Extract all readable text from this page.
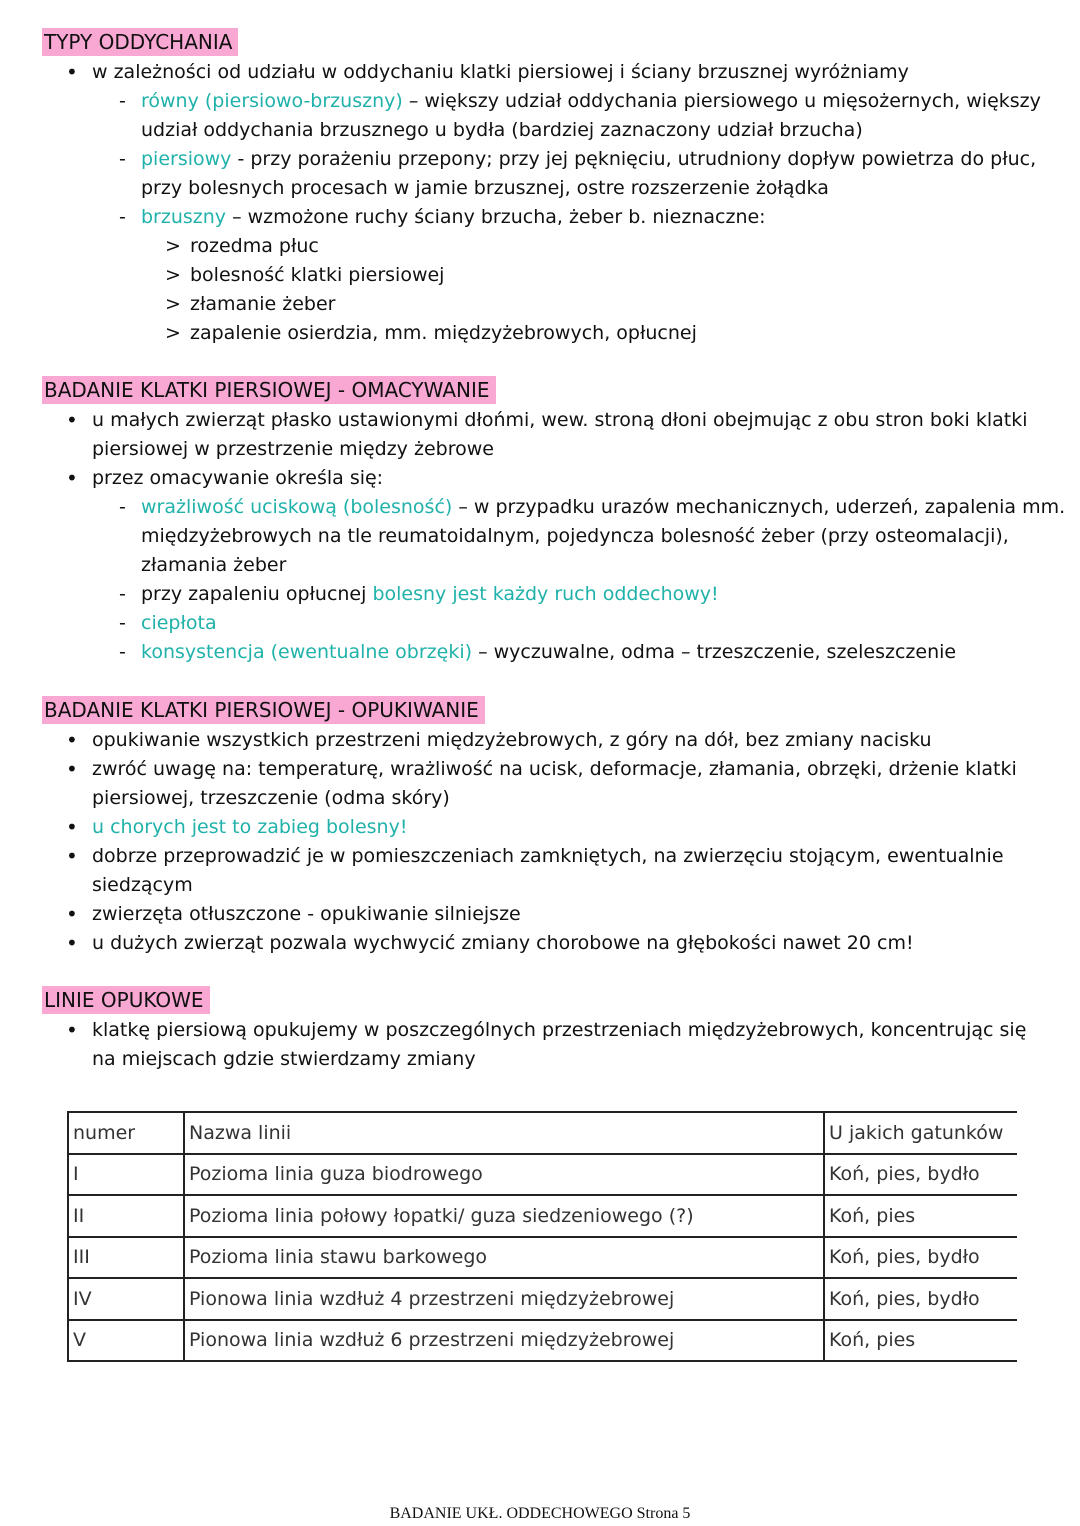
TYPY ODDYCHANIA
• w zależności od udziału w oddychaniu klatki piersiowej i ściany brzusznej wyróżniamy
- równy (piersiowo-brzuszny) – większy udział oddychania piersiowego u mięsożernych, większy
udział oddychania brzusznego u bydła (bardziej zaznaczony udział brzucha)
- piersiowy - przy porażeniu przepony; przy jej pęknięciu, utrudniony dopływ powietrza do płuc,
przy bolesnych procesach w jamie brzusznej, ostre rozszerzenie żołądka
- brzuszny – wzmożone ruchy ściany brzucha, żeber b. nieznaczne:
> rozedma płuc
> bolesność klatki piersiowej
> złamanie żeber
> zapalenie osierdzia, mm. międzyżebrowych, opłucnej
BADANIE KLATKI PIERSIOWEJ - OMACYWANIE
• u małych zwierząt płasko ustawionymi dłońmi, wew. stroną dłoni obejmując z obu stron boki klatki
piersiowej w przestrzenie między żebrowe
• przez omacywanie określa się:
- wrażliwość uciskową (bolesność) – w przypadku urazów mechanicznych, uderzeń, zapalenia mm.
międzyżebrowych na tle reumatoidalnym, pojedyncza bolesność żeber (przy osteomalacji),
złamania żeber
- przy zapaleniu opłucnej bolesny jest każdy ruch oddechowy!
- ciepłota
- konsystencja (ewentualne obrzęki) – wyczuwalne, odma – trzeszczenie, szeleszczenie
BADANIE KLATKI PIERSIOWEJ - OPUKIWANIE
• opukiwanie wszystkich przestrzeni międzyżebrowych, z góry na dół, bez zmiany nacisku
• zwróć uwagę na: temperaturę, wrażliwość na ucisk, deformacje, złamania, obrzęki, drżenie klatki
piersiowej, trzeszczenie (odma skóry)
• u chorych jest to zabieg bolesny!
• dobrze przeprowadzić je w pomieszczeniach zamkniętych, na zwierzęciu stojącym, ewentualnie
siedzącym
• zwierzęta otłuszczone - opukiwanie silniejsze
• u dużych zwierząt pozwala wychwycić zmiany chorobowe na głębokości nawet 20 cm!
LINIE OPUKOWE
• klatkę piersiową opukujemy w poszczególnych przestrzeniach międzyżebrowych, koncentrując się
na miejscach gdzie stwierdzamy zmiany
numer	Nazwa linii	U jakich gatunków
I	Pozioma linia guza biodrowego	Koń, pies, bydło
II	Pozioma linia połowy łopatki/ guza siedzeniowego (?)	Koń, pies
III	Pozioma linia stawu barkowego	Koń, pies, bydło
IV	Pionowa linia wzdłuż 4 przestrzeni międzyżebrowej	Koń, pies, bydło
V	Pionowa linia wzdłuż 6 przestrzeni międzyżebrowej	Koń, pies
BADANIE UKŁ. ODDECHOWEGO Strona 5
